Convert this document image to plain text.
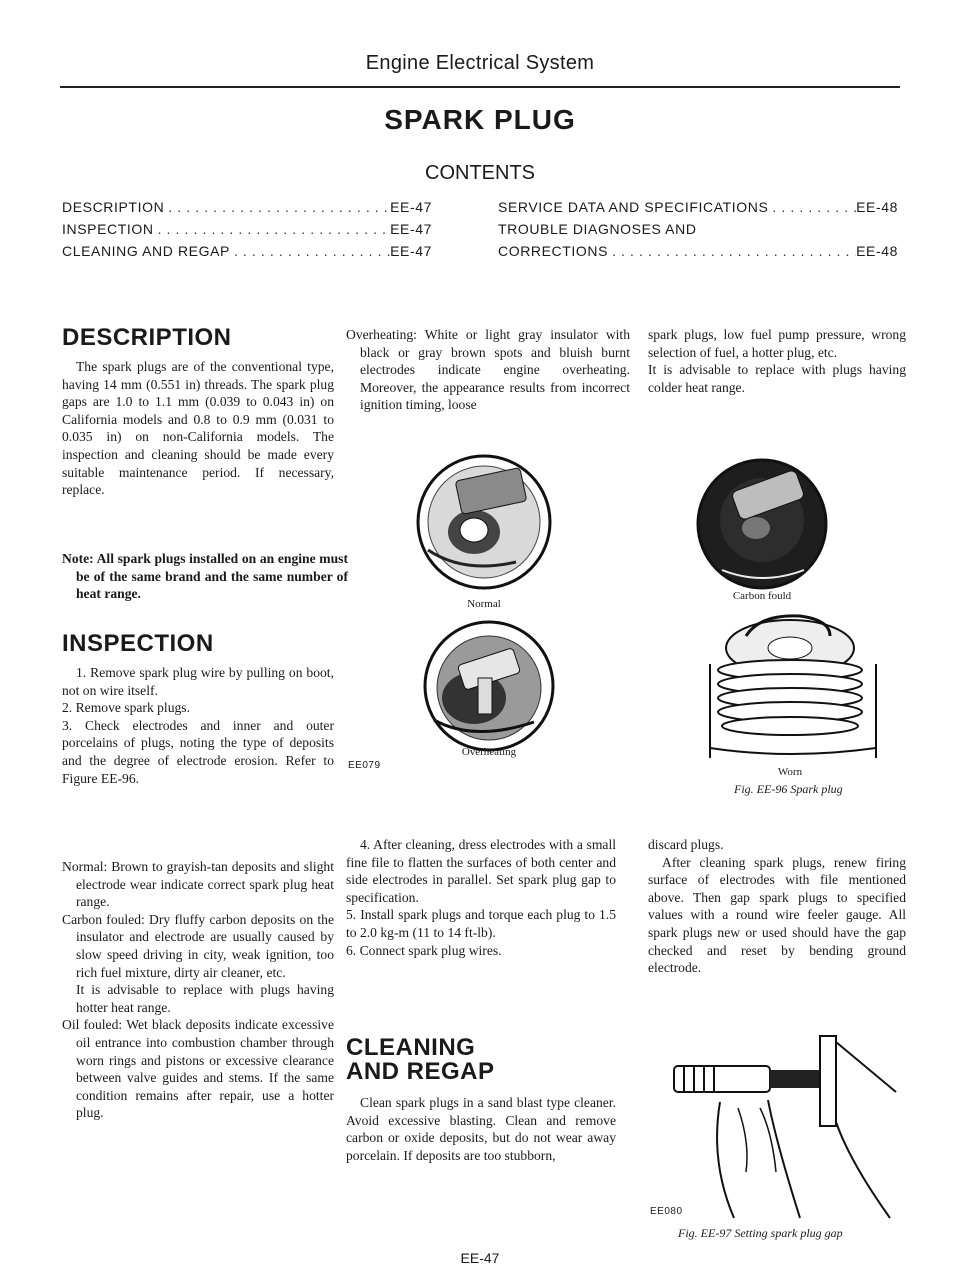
Engine Electrical System
SPARK PLUG
CONTENTS
DESCRIPTION . . .	EE-47
INSPECTION . . .	EE-47
CLEANING AND REGAP . . .	EE-47
SERVICE DATA AND SPECIFICATIONS . . .	EE-48
TROUBLE DIAGNOSES AND
CORRECTIONS . . .	EE-48
DESCRIPTION

The spark plugs are of the conventional type, having 14 mm (0.551 in) threads. The spark plug gaps are 1.0 to 1.1 mm (0.039 to 0.043 in) on California models and 0.8 to 0.9 mm (0.031 to 0.035 in) on non-California models. The inspection and cleaning should be made every suitable maintenance period. If necessary, replace.

Note: All spark plugs installed on an engine must be of the same brand and the same number of heat range.
INSPECTION

1. Remove spark plug wire by pulling on boot, not on wire itself.

2. Remove spark plugs.

3. Check electrodes and inner and outer porcelains of plugs, noting the type of deposits and the degree of electrode erosion. Refer to Figure EE-96.

Normal: Brown to grayish-tan deposits and slight electrode wear indicate correct spark plug heat range.

Carbon fouled: Dry fluffy carbon deposits on the insulator and electrode are usually caused by slow speed driving in city, weak ignition, too rich fuel mixture, dirty air cleaner, etc.

It is advisable to replace with plugs having hotter heat range.

Oil fouled: Wet black deposits indicate excessive oil entrance into combustion chamber through worn rings and pistons or excessive clearance between valve guides and stems. If the same condition remains after repair, use a hotter plug.

Overheating: White or light gray insulator with black or gray brown spots and bluish burnt electrodes indicate engine overheating. Moreover, the appearance results from incorrect ignition timing, loose
Normal
EE079
Overheating

4. After cleaning, dress electrodes with a small fine file to flatten the surfaces of both center and side electrodes in parallel. Set spark plug gap to specification.

5. Install spark plugs and torque each plug to 1.5 to 2.0 kg-m (11 to 14 ft-lb).

6. Connect spark plug wires.

CLEANING
AND REGAP

Clean spark plugs in a sand blast type cleaner. Avoid excessive blasting. Clean and remove carbon or oxide deposits, but do not wear away porcelain. If deposits are too stubborn,

spark plugs, low fuel pump pressure, wrong selection of fuel, a hotter plug, etc.

It is advisable to replace with plugs having colder heat range.

Carbon fould
Worn
Fig. EE-96 Spark plug

discard plugs.

After cleaning spark plugs, renew firing surface of electrodes with file mentioned above. Then gap spark plugs to specified values with a round wire feeler gauge. All spark plugs new or used should have the gap checked and reset by bending ground electrode.

EE080
Fig. EE-97 Setting spark plug gap
EE-47
